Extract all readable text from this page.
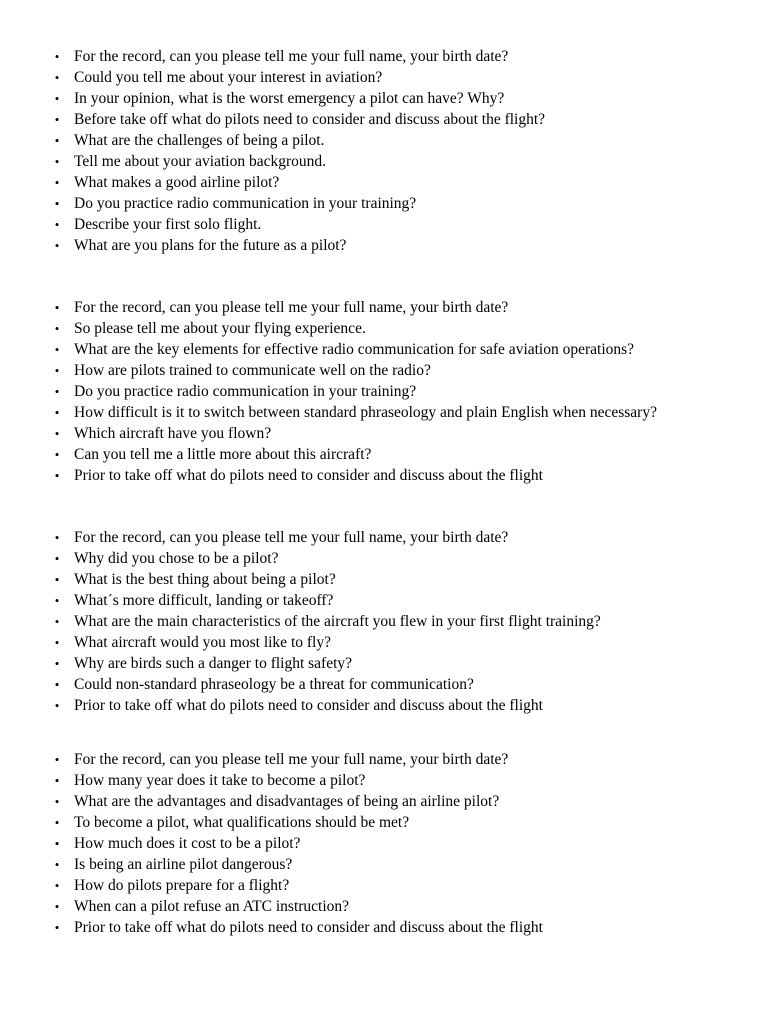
• For the record, can you please tell me your full name, your birth date?
• Could you tell me about your interest in aviation?
• In your opinion, what is the worst emergency a pilot can have? Why?
• Before take off what do pilots need to consider and discuss about the flight?
• What are the challenges of being a pilot.
• Tell me about your aviation background.
• What makes a good airline pilot?
• Do you practice radio communication in your training?
• Describe your first solo flight.
• What are you plans for the future as a pilot?
• For the record, can you please tell me your full name, your birth date?
• So please tell me about your flying experience.
• What are the key elements for effective radio communication for safe aviation operations?
• How are pilots trained to communicate well on the radio?
• Do you practice radio communication in your training?
• How difficult is it to switch between standard phraseology and plain English when necessary?
• Which aircraft have you flown?
• Can you tell me a little more about this aircraft?
• Prior to take off what do pilots need to consider and discuss about the flight
• For the record, can you please tell me your full name, your birth date?
• Why did you chose to be a pilot?
• What is the best thing about being a pilot?
• What´s more difficult, landing or takeoff?
• What are the main characteristics of the aircraft you flew in your first flight training?
• What aircraft would you most like to fly?
• Why are birds such a danger to flight safety?
• Could non-standard phraseology be a threat for communication?
• Prior to take off what do pilots need to consider and discuss about the flight
• For the record, can you please tell me your full name, your birth date?
• How many year does it take to become a pilot?
• What are the advantages and disadvantages of being an airline pilot?
• To become a pilot, what qualifications should be met?
• How much does it cost to be a pilot?
• Is being an airline pilot dangerous?
• How do pilots prepare for a flight?
• When can a pilot refuse an ATC instruction?
• Prior to take off what do pilots need to consider and discuss about the flight
